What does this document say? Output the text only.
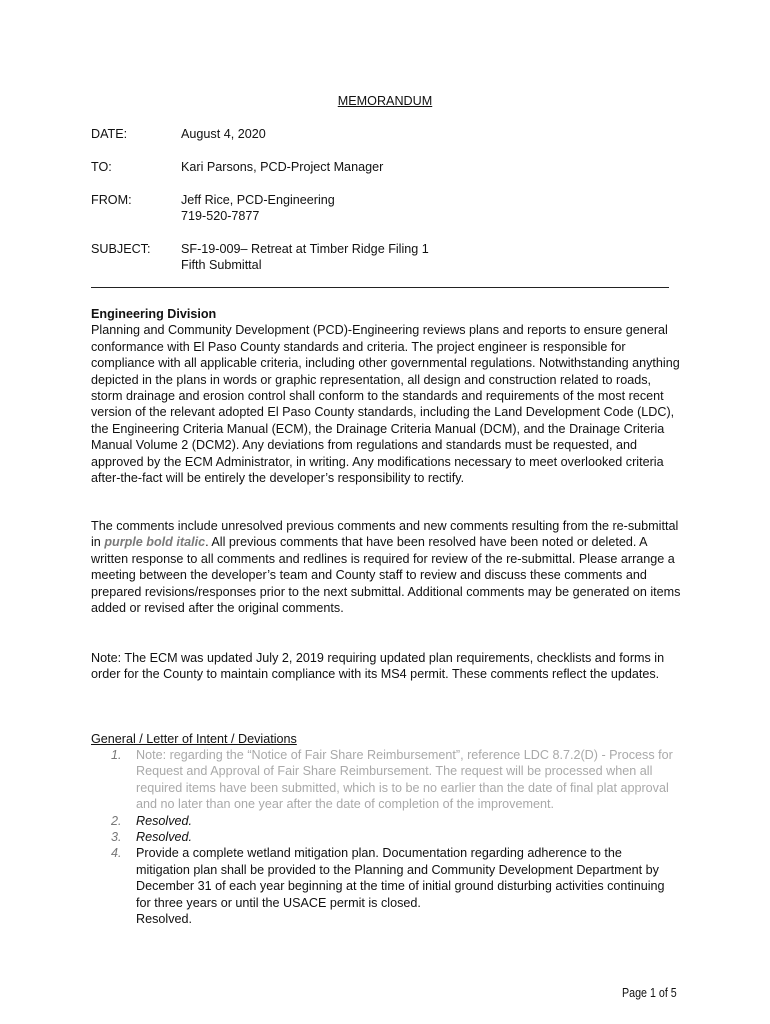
MEMORANDUM
DATE:	August 4, 2020
TO:	Kari Parsons, PCD-Project Manager
FROM:	Jeff Rice, PCD-Engineering
719-520-7877
SUBJECT: SF-19-009– Retreat at Timber Ridge Filing 1
Fifth Submittal
Engineering Division

Planning and Community Development (PCD)-Engineering reviews plans and reports to ensure general conformance with El Paso County standards and criteria. The project engineer is responsible for compliance with all applicable criteria, including other governmental regulations. Notwithstanding anything depicted in the plans in words or graphic representation, all design and construction related to roads, storm drainage and erosion control shall conform to the standards and requirements of the most recent version of the relevant adopted El Paso County standards, including the Land Development Code (LDC), the Engineering Criteria Manual (ECM), the Drainage Criteria Manual (DCM), and the Drainage Criteria Manual Volume 2 (DCM2). Any deviations from regulations and standards must be requested, and approved by the ECM Administrator, in writing. Any modifications necessary to meet overlooked criteria after-the-fact will be entirely the developer’s responsibility to rectify.

The comments include unresolved previous comments and new comments resulting from the re-submittal in purple bold italic. All previous comments that have been resolved have been noted or deleted. A written response to all comments and redlines is required for review of the re-submittal. Please arrange a meeting between the developer’s team and County staff to review and discuss these comments and prepared revisions/responses prior to the next submittal. Additional comments may be generated on items added or revised after the original comments.

Note: The ECM was updated July 2, 2019 requiring updated plan requirements, checklists and forms in order for the County to maintain compliance with its MS4 permit. These comments reflect the updates.

General / Letter of Intent / Deviations
1. Note: regarding the “Notice of Fair Share Reimbursement”, reference LDC 8.7.2(D) - Process for Request and Approval of Fair Share Reimbursement. The request will be processed when all required items have been submitted, which is to be no earlier than the date of final plat approval and no later than one year after the date of completion of the improvement.
2. Resolved.
3. Resolved.
4. Provide a complete wetland mitigation plan. Documentation regarding adherence to the mitigation plan shall be provided to the Planning and Community Development Department by December 31 of each year beginning at the time of initial ground disturbing activities continuing for three years or until the USACE permit is closed.
Resolved.
Page 1 of 5
